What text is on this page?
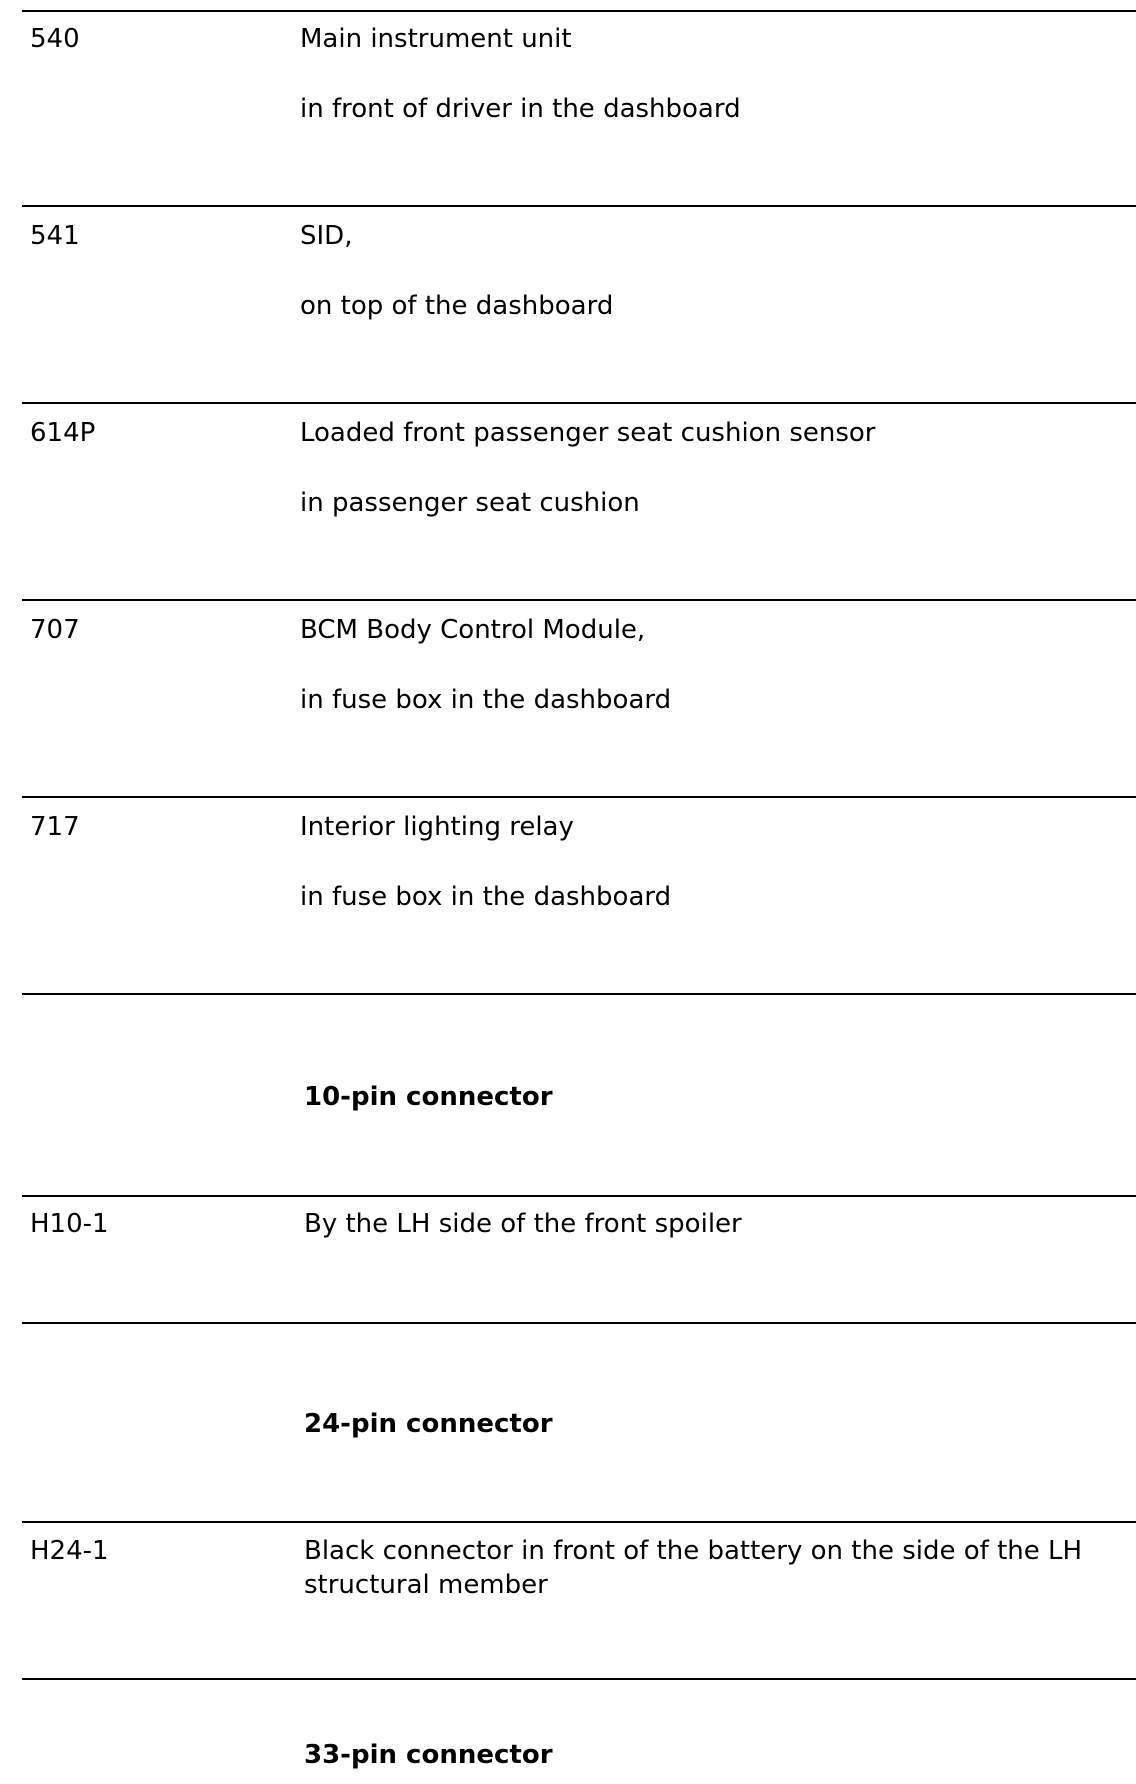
540	Main instrument unit
in front of driver in the dashboard
541	SID,
on top of the dashboard
614P	Loaded front passenger seat cushion sensor
in passenger seat cushion
707	BCM Body Control Module,
in fuse box in the dashboard
717	Interior lighting relay
in fuse box in the dashboard
10-pin connector
H10-1	By the LH side of the front spoiler
24-pin connector
H24-1	Black connector in front of the battery on the side of the LH structural member
33-pin connector
